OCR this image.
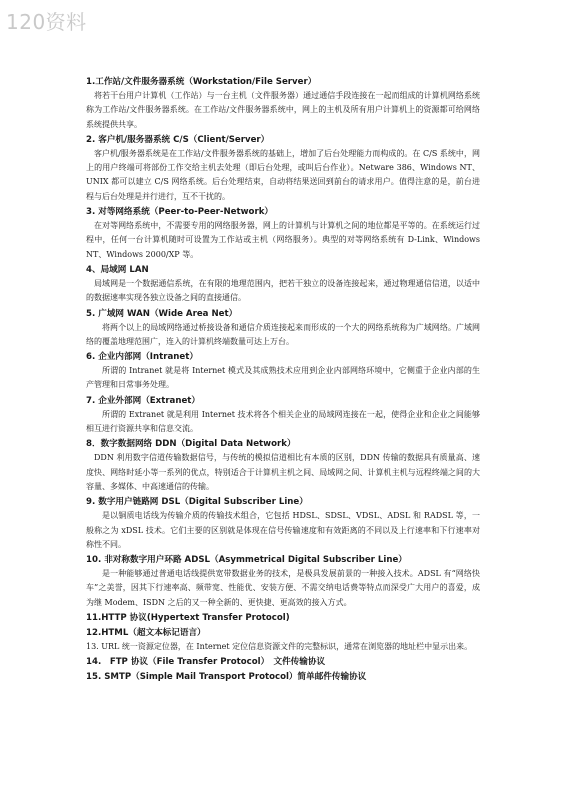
120资料
1.工作站/文件服务器系统（Workstation/File Server）

将若干台用户计算机（工作站）与一台主机（文件服务器）通过通信手段连接在一起而组成的计算机网络系统称为工作站/文件服务器系统。在工作站/文件服务器系统中，网上的主机及所有用户计算机上的资源都可给网络系统提供共享。

2. 客户机/服务器系统 C/S（Client/Server）

客户机/服务器系统是在工作站/文件服务器系统的基础上，增加了后台处理能力而构成的。在 C/S 系统中，网上的用户终端可将部份工作交给主机去处理（即后台处理，或叫后台作业）。Netware 386、Windows NT、UNIX 都可以建立 C/S 网络系统。后台处理结束，自动将结果送回到前台的请求用户。值得注意的是，前台进程与后台处理是并行进行，互不干扰的。

3. 对等网络系统（Peer-to-Peer-Network）

在对等网络系统中，不需要专用的网络服务器，网上的计算机与计算机之间的地位都是平等的。在系统运行过程中，任何一台计算机随时可设置为工作站或主机（网络服务）。典型的对等网络系统有 D-Link、Windows NT、Windows 2000/XP 等。

4、局域网 LAN

局域网是一个数据通信系统，在有限的地理范围内，把若干独立的设备连接起来，通过物理通信信道，以适中的数据速率实现各独立设备之间的直接通信。

5. 广域网 WAN（Wide Area Net）

将两个以上的局域网络通过桥接设备和通信介质连接起来而形成的一个大的网络系统称为广域网络。广域网络的覆盖地理范围广，连入的计算机终端数量可达上万台。

6. 企业内部网（Intranet）

所谓的 Intranet 就是将 Internet 模式及其成熟技术应用到企业内部网络环境中，它侧重于企业内部的生产管理和日常事务处理。

7. 企业外部网（Extranet）

所谓的 Extranet 就是利用 Internet 技术将各个相关企业的局域网连接在一起，使得企业和企业之间能够相互进行资源共享和信息交流。

8．数字数据网络 DDN（Digital Data Network）

DDN 利用数字信道传输数据信号，与传统的模拟信道相比有本质的区别，DDN 传输的数据具有质量高、速度快、网络时延小等一系列的优点，特别适合于计算机主机之间、局域网之间、计算机主机与远程终端之间的大容量、多媒体、中高速通信的传输。

9. 数字用户链路网 DSL（Digital Subscriber Line）

是以铜质电话线为传输介质的传输技术组合，它包括 HDSL、SDSL、VDSL、ADSL 和 RADSL 等，一般称之为 xDSL 技术。它们主要的区别就是体现在信号传输速度和有效距离的不同以及上行速率和下行速率对称性不同。

10. 非对称数字用户环路 ADSL（Asymmetrical Digital Subscriber Line）

是一种能够通过普通电话线提供宽带数据业务的技术，是极具发展前景的一种接入技术。ADSL 有“网络快车”之美誉，因其下行速率高、频带宽、性能优、安装方便、不需交纳电话费等特点而深受广大用户的喜爱，成为继 Modem、ISDN 之后的又一种全新的、更快捷、更高效的接入方式。

11.HTTP 协议(Hypertext Transfer Protocol)
12.HTML（超文本标记语言）

13. URL 统一资源定位器，在 Internet 定位信息资源文件的完整标识，通常在浏览器的地址栏中显示出来。

14.　FTP 协议（File Transfer Protocol）　文件传输协议
15. SMTP（Simple Mail Transport Protocol）简单邮件传输协议
